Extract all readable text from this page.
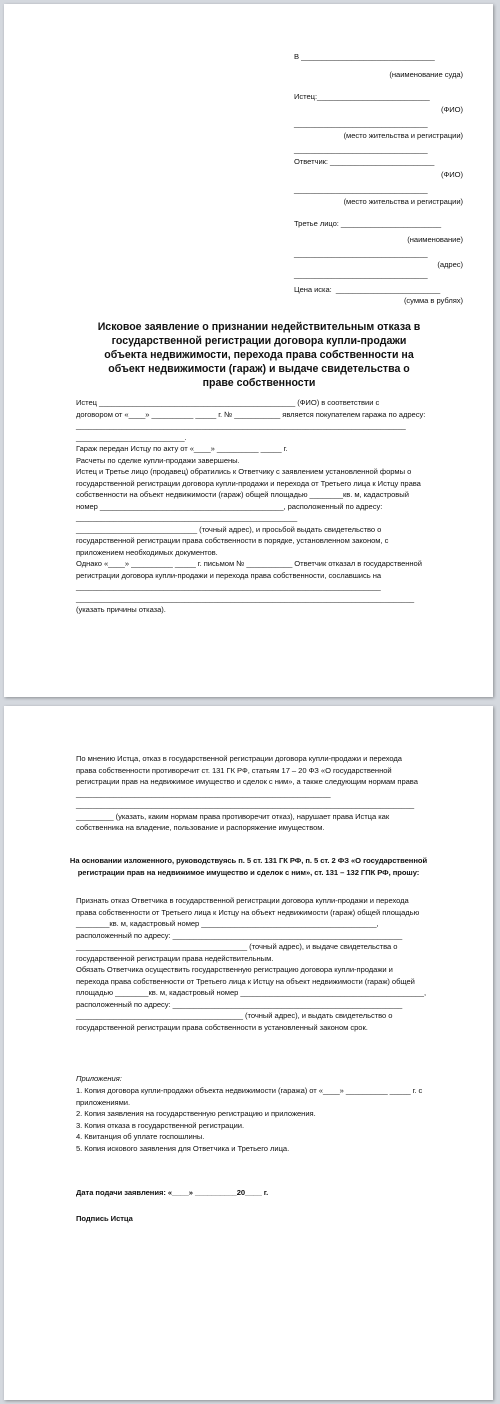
В ________________________________
(наименование суда)
Истец:___________________________
(ФИО)
________________________________
(место жительства и регистрации)
________________________________
Ответчик: _________________________
(ФИО)
________________________________
(место жительства и регистрации)
Третье лицо: ________________________
(наименование)
________________________________
(адрес)
________________________________
Цена иска:  _________________________
(сумма в рублях)
Исковое заявление о признании недействительным отказа в государственной регистрации договора купли-продажи объекта недвижимости, перехода права собственности на объект недвижимости (гараж) и выдаче свидетельства о праве собственности
Истец _______________________________________________ (ФИО) в соответствии с
договором от «____» __________ _____ г. № ___________ является покупателем гаража по адресу:
_______________________________________________________________________________
__________________________.
Гараж передан Истцу по акту от «____» __________ _____ г.
Расчеты по сделке купли-продажи завершены.
Истец и Третье лицо (продавец) обратились к Ответчику с заявлением установленной формы о
государственной регистрации договора купли-продажи и перехода от Третьего лица к Истцу права
собственности на объект недвижимости (гараж) общей площадью ________кв. м, кадастровый
номер ____________________________________________, расположенный по адресу:
_____________________________________________________
_____________________________ (точный адрес), и просьбой выдать свидетельство о
государственной регистрации права собственности в порядке, установленном законом, с
приложением необходимых документов.
Однако «____» __________ _____ г. письмом № ___________ Ответчик отказал в государственной
регистрации договора купли-продажи и перехода права собственности, сославшись на
_________________________________________________________________________
_________________________________________________________________________________
(указать причины отказа).
По мнению Истца, отказ в государственной регистрации договора купли-продажи и перехода
права собственности противоречит ст. 131 ГК РФ, статьям 17 – 20 ФЗ «О государственной
регистрации прав на недвижимое имущество и сделок с ним», а также следующим нормам права
_____________________________________________________________
_________________________________________________________________________________
_________ (указать, каким нормам права противоречит отказ), нарушает права Истца как
собственника на владение, пользование и распоряжение имуществом.
На основании изложенного, руководствуясь п. 5 ст. 131 ГК РФ, п. 5 ст. 2 ФЗ «О государственной
регистрации прав на недвижимое имущество и сделок с ним», ст. 131 – 132 ГПК РФ, прошу:
Признать отказ Ответчика в государственной регистрации договора купли-продажи и перехода
права собственности от Третьего лица к Истцу на объект недвижимости (гараж) общей площадью
________кв. м, кадастровый номер __________________________________________,
расположенный по адресу: _______________________________________________________
_________________________________________ (точный адрес), и выдаче свидетельства о
государственной регистрации права недействительным.
Обязать Ответчика осуществить государственную регистрацию договора купли-продажи и
перехода права собственности от Третьего лица к Истцу на объект недвижимости (гараж) общей
площадью ________кв. м, кадастровый номер ____________________________________________,
расположенный по адресу: _______________________________________________________
________________________________________ (точный адрес), и выдать свидетельство о
государственной регистрации права собственности в установленный законом срок.
Приложения:
1. Копия договора купли-продажи объекта недвижимости (гаража) от «____» __________ _____ г. с
приложениями.
2. Копия заявления на государственную регистрацию и приложения.
3. Копия отказа в государственной регистрации.
4. Квитанция об уплате госпошлины.
5. Копия искового заявления для Ответчика и Третьего лица.
Дата подачи заявления: «____» __________20____ г.
Подпись Истца
